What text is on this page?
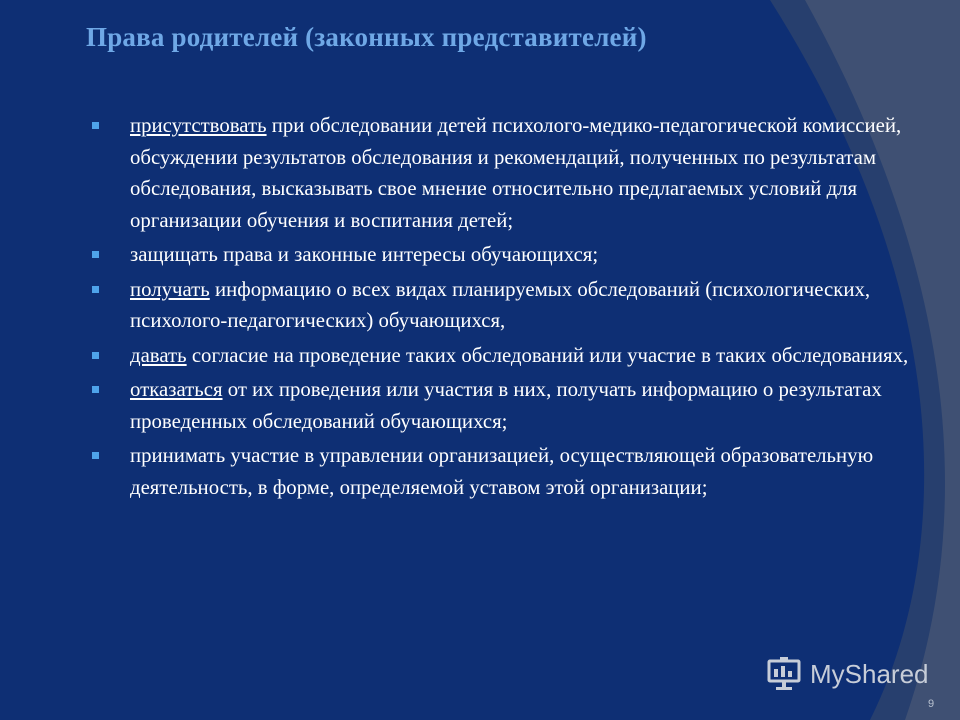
Права родителей (законных представителей)
присутствовать при обследовании детей психолого-медико-педагогической комиссией, обсуждении результатов обследования и рекомендаций, полученных по результатам обследования, высказывать свое мнение относительно предлагаемых условий для организации обучения и воспитания детей;
защищать права и законные интересы обучающихся;
получать информацию о всех видах планируемых обследований (психологических, психолого-педагогических) обучающихся,
давать согласие на проведение таких обследований или участие в таких обследованиях,
отказаться от их проведения или участия в них, получать информацию о результатах проведенных обследований обучающихся;
принимать участие в управлении организацией, осуществляющей образовательную деятельность, в форме, определяемой уставом этой организации;
MyShared
9
